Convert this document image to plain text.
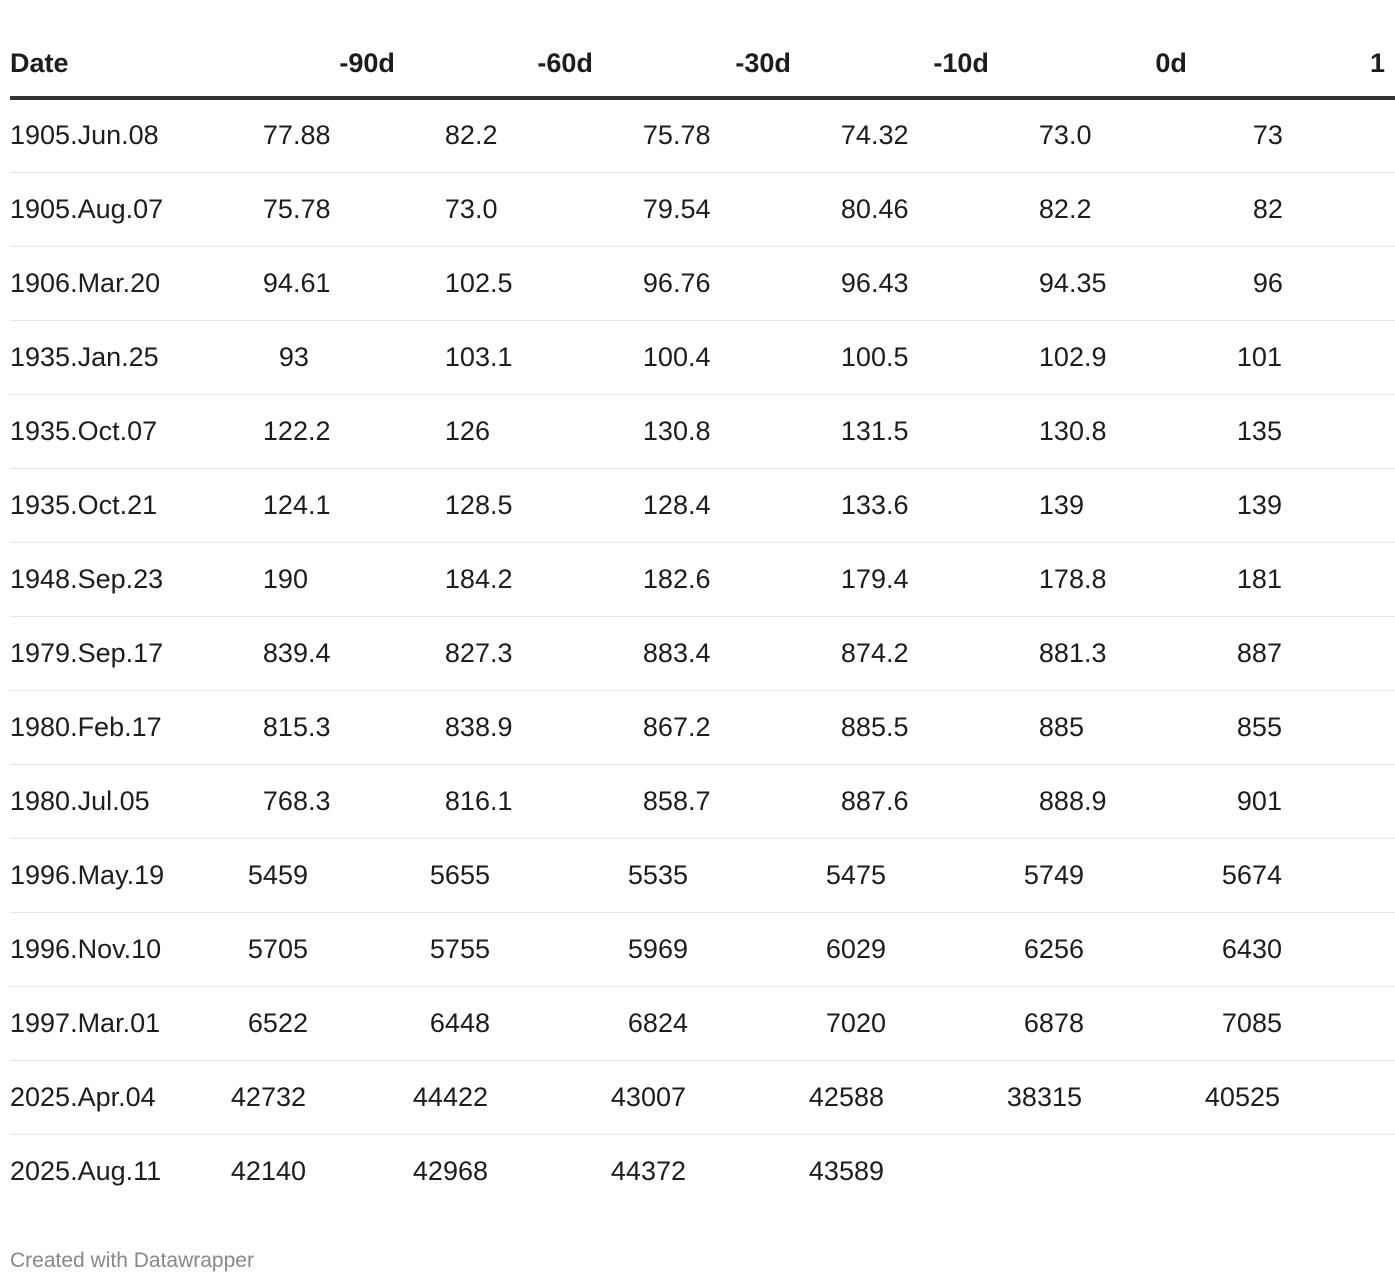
Date	-90d	-60d	-30d	-10d	0d	1
1905.Jun.08	77.88	82.2	75.78	74.32	73.0	73
1905.Aug.07	75.78	73.0	79.54	80.46	82.2	82
1906.Mar.20	94.61	102.5	96.76	96.43	94.35	96
1935.Jan.25	93	103.1	100.4	100.5	102.9	101
1935.Oct.07	122.2	126	130.8	131.5	130.8	135
1935.Oct.21	124.1	128.5	128.4	133.6	139	139
1948.Sep.23	190	184.2	182.6	179.4	178.8	181
1979.Sep.17	839.4	827.3	883.4	874.2	881.3	887
1980.Feb.17	815.3	838.9	867.2	885.5	885	855
1980.Jul.05	768.3	816.1	858.7	887.6	888.9	901
1996.May.19	5459	5655	5535	5475	5749	5674
1996.Nov.10	5705	5755	5969	6029	6256	6430
1997.Mar.01	6522	6448	6824	7020	6878	7085
2025.Apr.04	42732	44422	43007	42588	38315	40525
2025.Aug.11	42140	42968	44372	43589		
Created with Datawrapper
